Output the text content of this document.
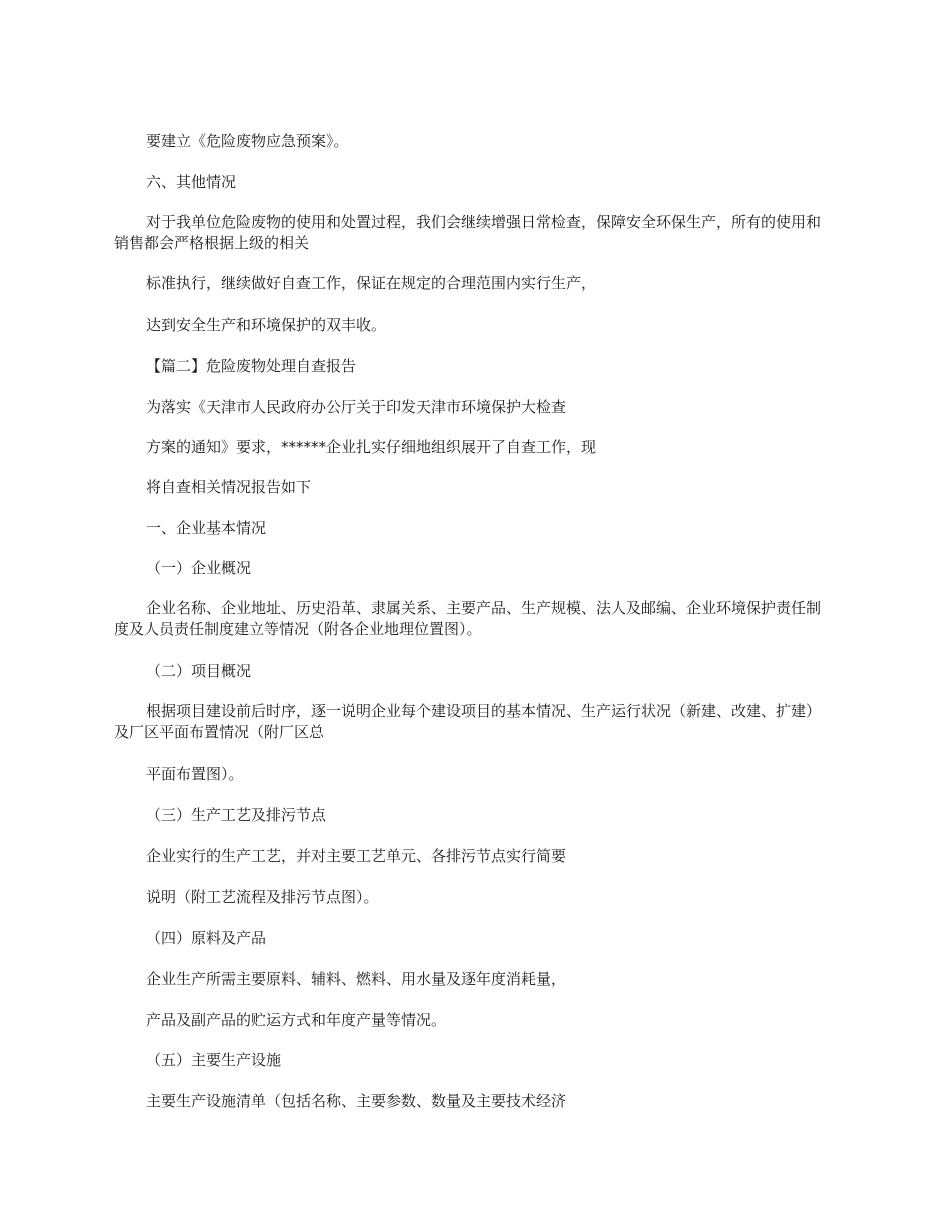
要建立《危险废物应急预案》。

六、其他情况

对于我单位危险废物的使用和处置过程，我们会继续增强日常检查，保障安全环保生产，所有的使用和销售都会严格根据上级的相关

标准执行，继续做好自查工作，保证在规定的合理范围内实行生产，

达到安全生产和环境保护的双丰收。

【篇二】危险废物处理自查报告

为落实《天津市人民政府办公厅关于印发天津市环境保护大检查

方案的通知》要求，******企业扎实仔细地组织展开了自查工作，现

将自查相关情况报告如下

一、企业基本情况

（一）企业概况

企业名称、企业地址、历史沿革、隶属关系、主要产品、生产规模、法人及邮编、企业环境保护责任制度及人员责任制度建立等情况（附各企业地理位置图）。

（二）项目概况

根据项目建设前后时序，逐一说明企业每个建设项目的基本情况、生产运行状况（新建、改建、扩建）及厂区平面布置情况（附厂区总

平面布置图）。

（三）生产工艺及排污节点

企业实行的生产工艺，并对主要工艺单元、各排污节点实行简要

说明（附工艺流程及排污节点图）。

（四）原料及产品

企业生产所需主要原料、辅料、燃料、用水量及逐年度消耗量，

产品及副产品的贮运方式和年度产量等情况。

（五）主要生产设施

主要生产设施清单（包括名称、主要参数、数量及主要技术经济
